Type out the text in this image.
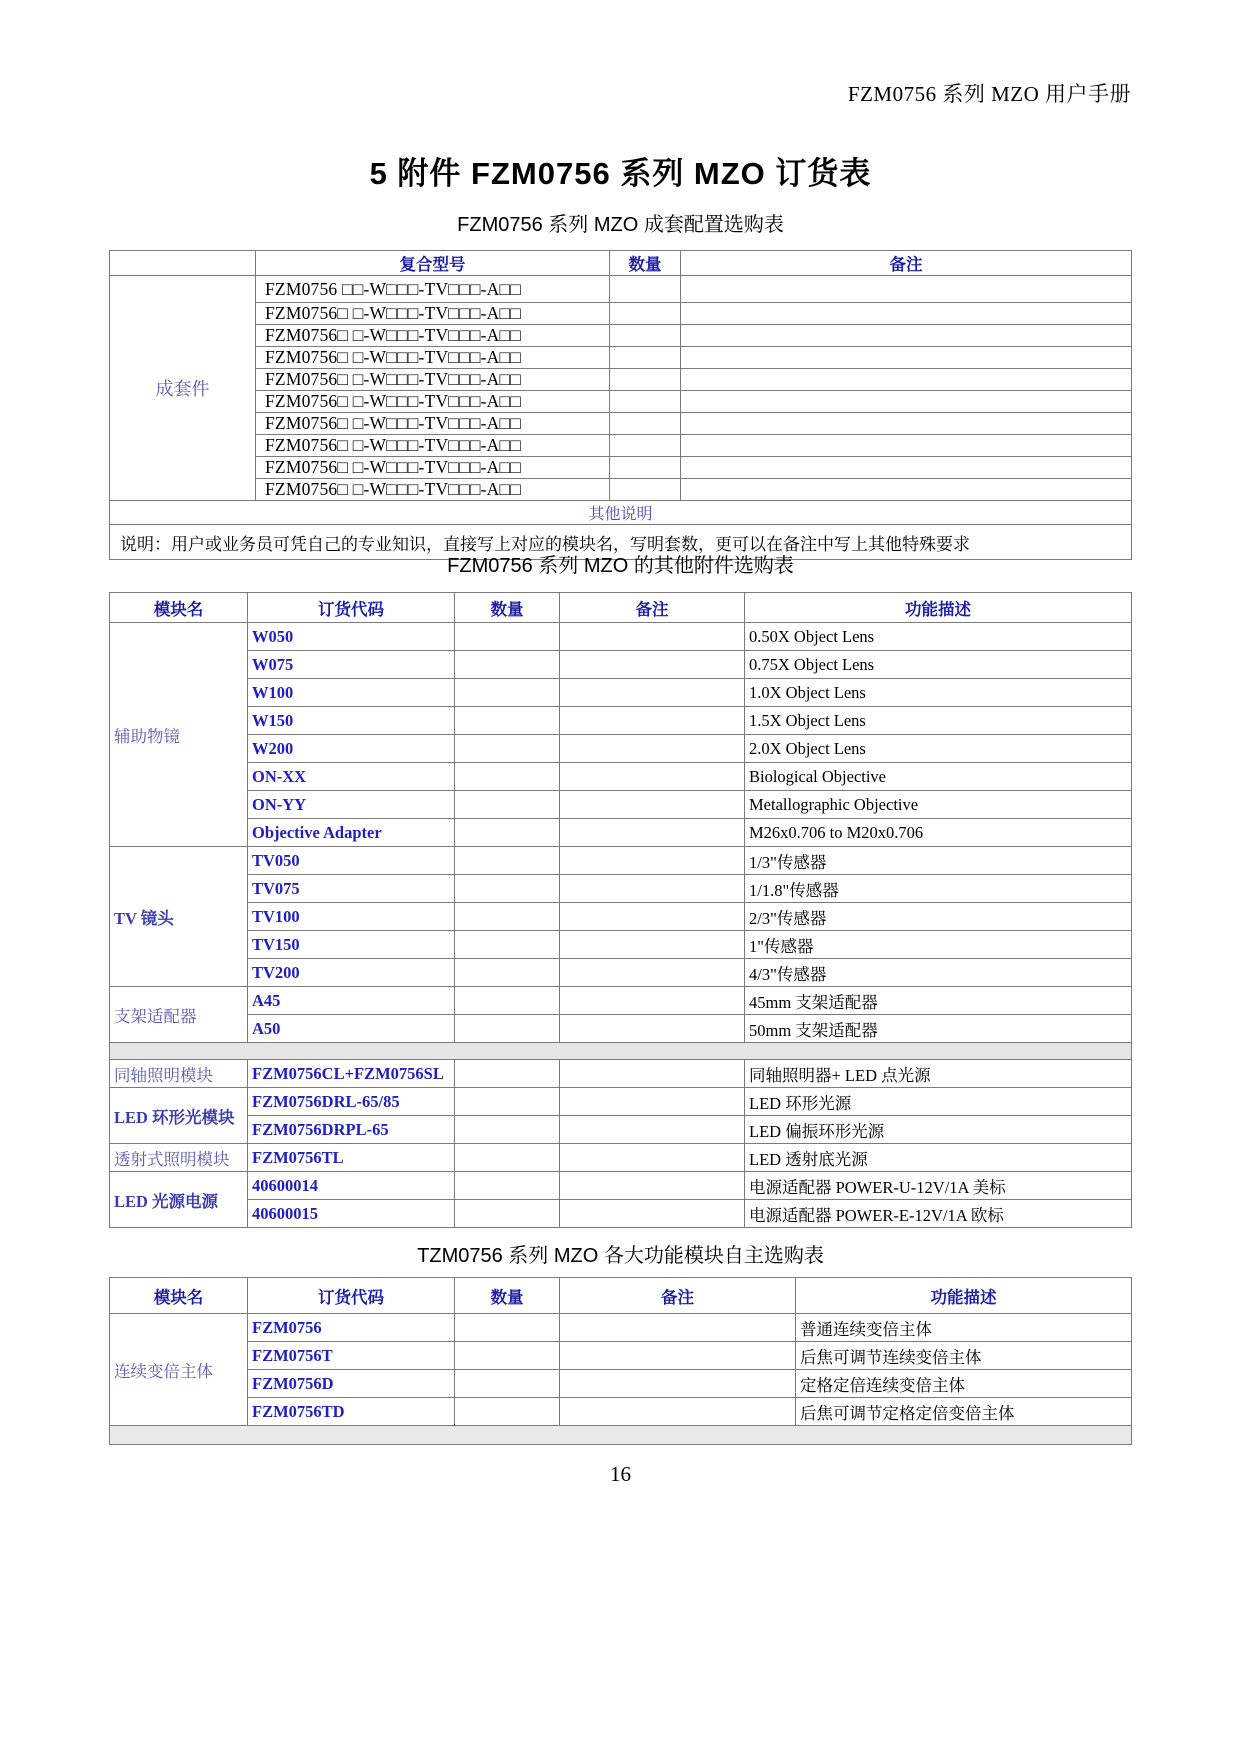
FZM0756 系列 MZO 用户手册
5 附件 FZM0756 系列 MZO 订货表
FZM0756 系列 MZO 成套配置选购表
	复合型号	数量	备注
成套件	FZM0756 □□-W□□□-TV□□□-A□□		
	FZM0756□ □-W□□□-TV□□□-A□□		
	FZM0756□ □-W□□□-TV□□□-A□□		
	FZM0756□ □-W□□□-TV□□□-A□□		
	FZM0756□ □-W□□□-TV□□□-A□□		
	FZM0756□ □-W□□□-TV□□□-A□□		
	FZM0756□ □-W□□□-TV□□□-A□□		
	FZM0756□ □-W□□□-TV□□□-A□□		
	FZM0756□ □-W□□□-TV□□□-A□□		
	FZM0756□ □-W□□□-TV□□□-A□□		
其他说明			
说明：用户或业务员可凭自己的专业知识，直接写上对应的模块名，写明套数，更可以在备注中写上其他特殊要求			
FZM0756 系列 MZO 的其他附件选购表
模块名	订货代码	数量	备注	功能描述
辅助物镜	W050			0.50X Object Lens
	W075			0.75X Object Lens
	W100			1.0X Object Lens
	W150			1.5X Object Lens
	W200			2.0X Object Lens
	ON-XX			Biological Objective
	ON-YY			Metallographic Objective
	Objective Adapter			M26x0.706 to M20x0.706
TV 镜头	TV050			1/3"传感器
	TV075			1/1.8"传感器
	TV100			2/3"传感器
	TV150			1"传感器
	TV200			4/3"传感器
支架适配器	A45			45mm 支架适配器
	A50			50mm 支架适配器

同轴照明模块	FZM0756CL+FZM0756SL			同轴照明器+ LED 点光源
LED 环形光模块	FZM0756DRL-65/85			LED 环形光源
	FZM0756DRPL-65			LED 偏振环形光源
透射式照明模块	FZM0756TL			LED 透射底光源
LED 光源电源	40600014			电源适配器 POWER-U-12V/1A 美标
	40600015			电源适配器 POWER-E-12V/1A 欧标
TZM0756 系列 MZO 各大功能模块自主选购表
模块名	订货代码	数量	备注	功能描述
连续变倍主体	FZM0756			普通连续变倍主体
	FZM0756T			后焦可调节连续变倍主体
	FZM0756D			定格定倍连续变倍主体
	FZM0756TD			后焦可调节定格定倍变倍主体

16
